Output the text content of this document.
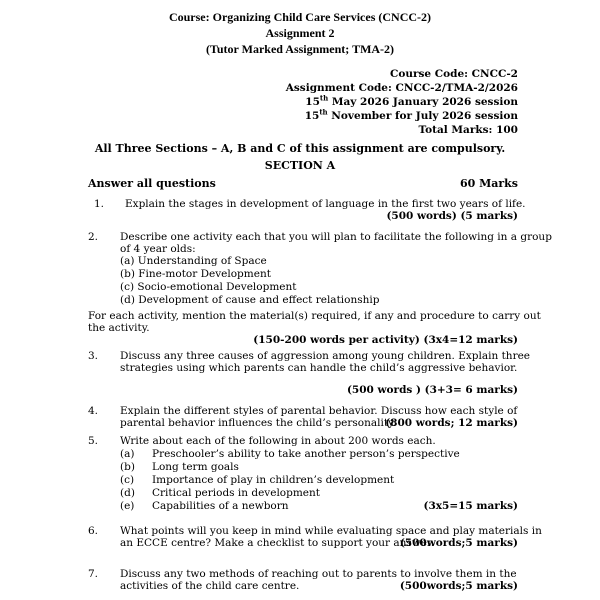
Course: Organizing Child Care Services (CNCC-2)
Assignment 2
(Tutor Marked Assignment; TMA-2)
Course Code: CNCC-2
Assignment Code: CNCC-2/TMA-2/2026
15th May 2026 January 2026 session
15th November for July 2026 session
Total Marks: 100
All Three Sections – A, B and C of this assignment are compulsory.
SECTION A
Answer all questions	60 Marks
1. Explain the stages in development of language in the first two years of life.
(500 words) (5 marks)
2. Describe one activity each that you will plan to facilitate the following in a group
of 4 year olds:
(a) Understanding of Space
(b) Fine-motor Development
(c) Socio-emotional Development
(d) Development of cause and effect relationship
For each activity, mention the material(s) required, if any and procedure to carry out
the activity.
(150-200 words per activity) (3x4=12 marks)
3. Discuss any three causes of aggression among young children. Explain three
strategies using which parents can handle the child’s aggressive behavior.
(500 words ) (3+3= 6 marks)
4. Explain the different styles of parental behavior. Discuss how each style of
parental behavior influences the child’s personality.
(800 words; 12 marks)
5. Write about each of the following in about 200 words each.
(a) Preschooler’s ability to take another person’s perspective
(b) Long term goals
(c) Importance of play in children’s development
(d) Critical periods in development
(e) Capabilities of a newborn	(3x5=15 marks)
6. What points will you keep in mind while evaluating space and play materials in
an ECCE centre? Make a checklist to support your answer.
(500words;5 marks)
7. Discuss any two methods of reaching out to parents to involve them in the
activities of the child care centre.	(500words;5 marks)
